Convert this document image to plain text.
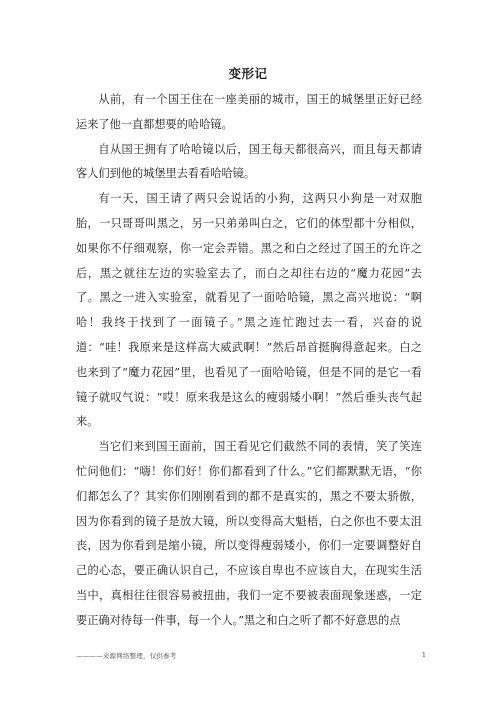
变形记

从前，有一个国王住在一座美丽的城市，国王的城堡里正好已经运来了他一直都想要的哈哈镜。

自从国王拥有了哈哈镜以后，国王每天都很高兴，而且每天都请客人们到他的城堡里去看看哈哈镜。

有一天，国王请了两只会说话的小狗，这两只小狗是一对双胞胎，一只哥哥叫黑之，另一只弟弟叫白之，它们的体型都十分相似，如果你不仔细观察，你一定会弄错。黑之和白之经过了国王的允许之后，黑之就往左边的实验室去了，而白之却往右边的“魔力花园”去了。黑之一进入实验室，就看见了一面哈哈镜，黑之高兴地说：“啊哈！我终于找到了一面镜子。”黑之连忙跑过去一看，兴奋的说道：“哇！我原来是这样高大威武啊！”然后昂首挺胸得意起来。白之也来到了“魔力花园”里，也看见了一面哈哈镜，但是不同的是它一看镜子就叹气说：“哎！原来我是这么的瘦弱矮小啊！”然后垂头丧气起来。

当它们来到国王面前，国王看见它们截然不同的表情，笑了笑连忙问他们：“嗨！你们好！你们都看到了什么。”它们都默默无语，“你们都怎么了？其实你们刚刚看到的都不是真实的，黑之不要太骄傲，因为你看到的镜子是放大镜，所以变得高大魁梧，白之你也不要太沮丧，因为你看到是缩小镜，所以变得瘦弱矮小，你们一定要调整好自己的心态，要正确认识自己，不应该自卑也不应该自大，在现实生活当中，真相往往很容易被扭曲，我们一定不要被表面现象迷惑，一定要正确对待每一件事，每一个人。”黑之和白之听了都不好意思的点

————来源网络整理，仅供参考	1
